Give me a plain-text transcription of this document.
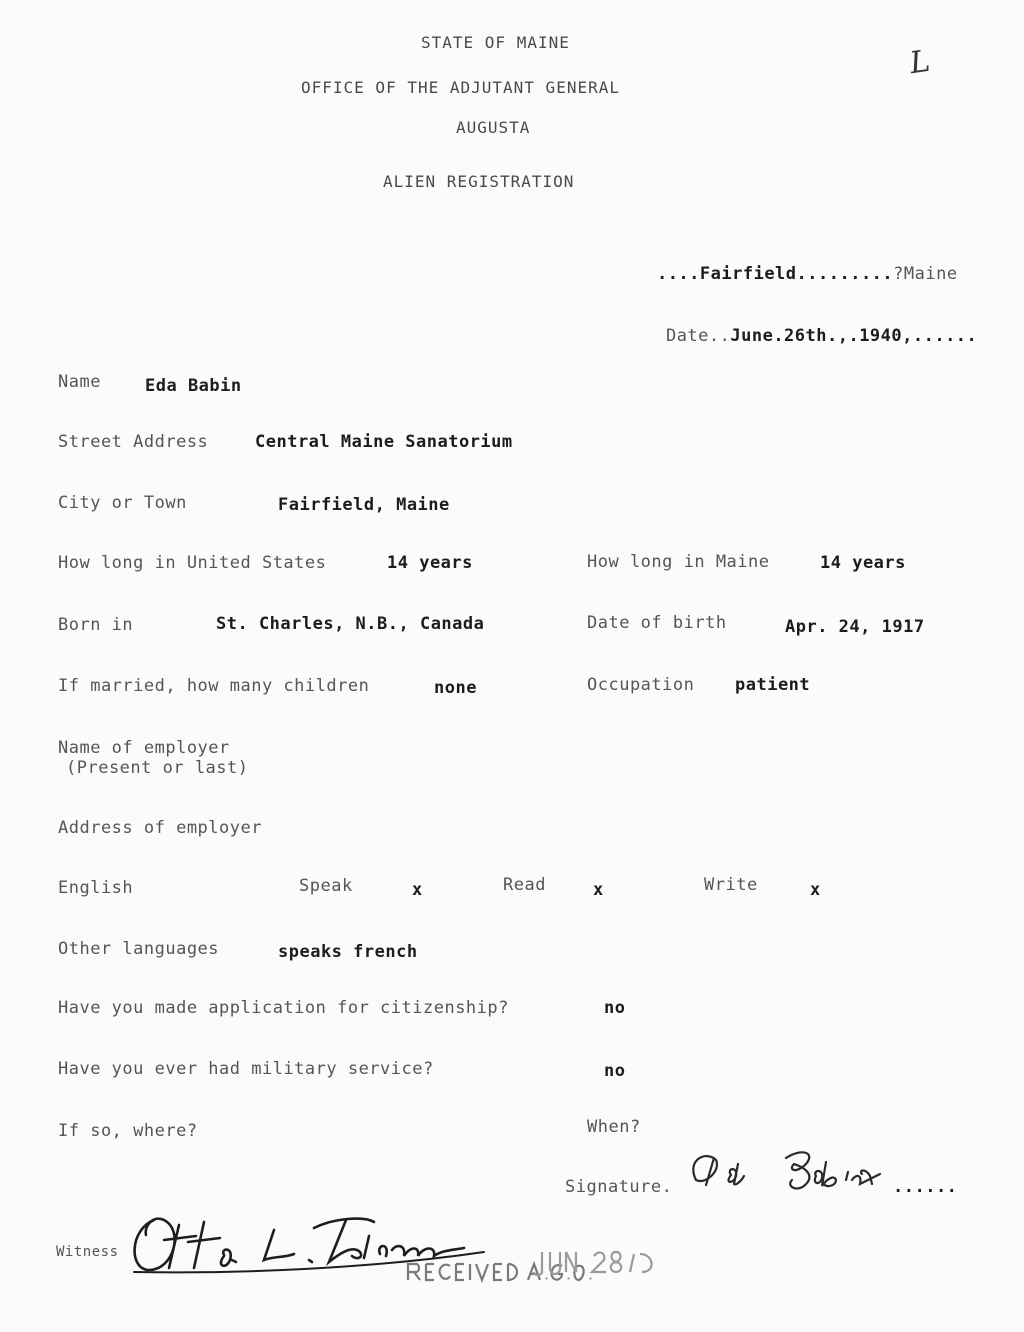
STATE OF MAINE
OFFICE OF THE ADJUTANT GENERAL
AUGUSTA
ALIEN REGISTRATION
L

....Fairfield.........?Maine

Date..June.26th.,.1940,......

Name	Eda Babin
Street Address	Central Maine Sanatorium
City or Town	Fairfield, Maine
How long in United States	14 years	How long in Maine	14 years
Born in	St. Charles, N.B., Canada	Date of birth	Apr. 24, 1917
If married, how many children	none	Occupation patient
Name of employer
(Present or last)
Address of employer
English	Speak	x	Read	x	Write	x
Other languages	speaks french
Have you made application for citizenship?	no
Have you ever had military service?	no
If so, where?	When?
Signature.	......
Witness
